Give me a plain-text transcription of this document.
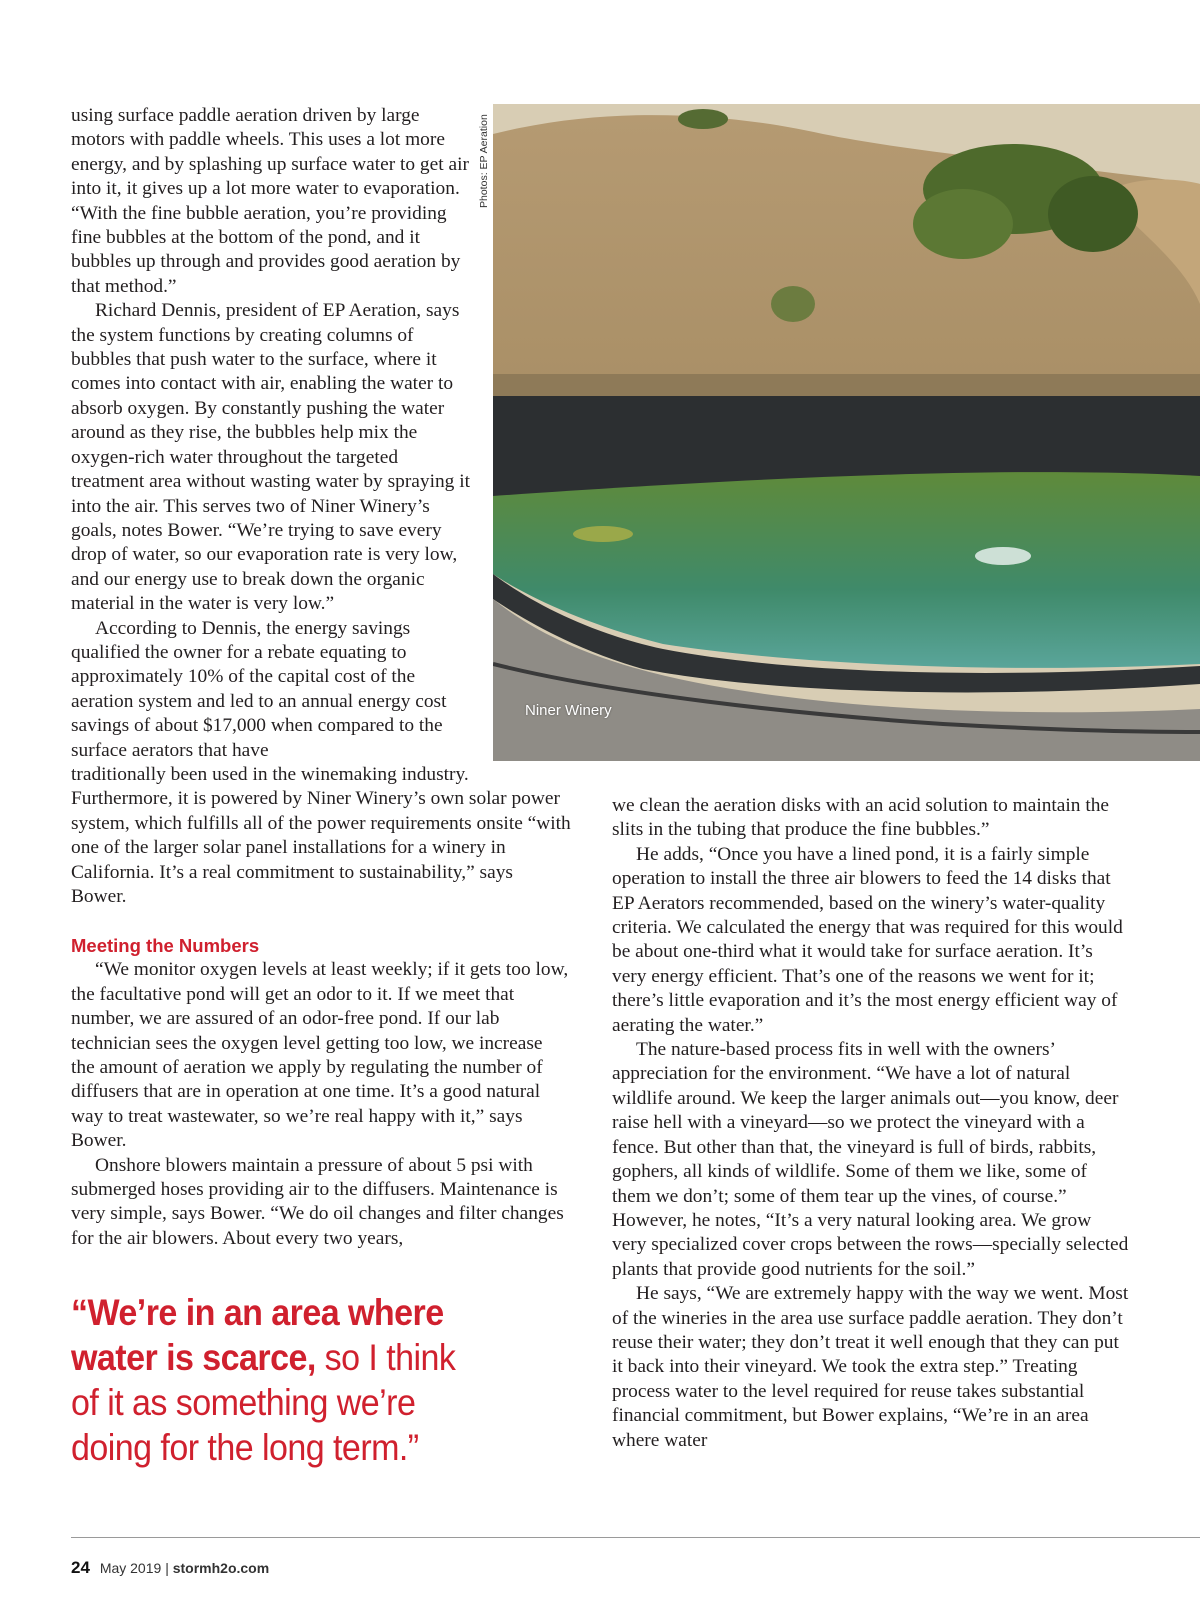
using surface paddle aeration driven by large motors with paddle wheels. This uses a lot more energy, and by splashing up surface water to get air into it, it gives up a lot more water to evaporation. “With the fine bubble aeration, you’re providing fine bubbles at the bottom of the pond, and it bubbles up through and provides good aeration by that method.”

Richard Dennis, president of EP Aeration, says the system functions by creating columns of bubbles that push water to the surface, where it comes into contact with air, enabling the water to absorb oxygen. By constantly pushing the water around as they rise, the bubbles help mix the oxygen-rich water throughout the targeted treatment area without wasting water by spraying it into the air. This serves two of Niner Winery’s goals, notes Bower. “We’re trying to save every drop of water, so our evaporation rate is very low, and our energy use to break down the organic material in the water is very low.”

According to Dennis, the energy savings qualified the owner for a rebate equating to approximately 10% of the capital cost of the aeration system and led to an annual energy cost savings of about $17,000 when compared to the surface aerators that have
traditionally been used in the winemaking industry. Furthermore, it is powered by Niner Winery’s own solar power system, which fulfills all of the power requirements onsite “with one of the larger solar panel installations for a winery in California. It’s a real commitment to sustainability,” says Bower.

Meeting the Numbers

“We monitor oxygen levels at least weekly; if it gets too low, the facultative pond will get an odor to it. If we meet that number, we are assured of an odor-free pond. If our lab technician sees the oxygen level getting too low, we increase the amount of aeration we apply by regulating the number of diffusers that are in operation at one time. It’s a good natural way to treat wastewater, so we’re real happy with it,” says Bower.

Onshore blowers maintain a pressure of about 5 psi with submerged hoses providing air to the diffusers. Maintenance is very simple, says Bower. “We do oil changes and filter changes for the air blowers. About every two years,

“We’re in an area where water is scarce, so I think of it as something we’re doing for the long term.”
Photos: EP Aeration
Niner Winery

we clean the aeration disks with an acid solution to maintain the slits in the tubing that produce the fine bubbles.”

He adds, “Once you have a lined pond, it is a fairly simple operation to install the three air blowers to feed the 14 disks that EP Aerators recommended, based on the winery’s water-quality criteria. We calculated the energy that was required for this would be about one-third what it would take for surface aeration. It’s very energy efficient. That’s one of the reasons we went for it; there’s little evaporation and it’s the most energy efficient way of aerating the water.”

The nature-based process fits in well with the owners’ appreciation for the environment. “We have a lot of natural wildlife around. We keep the larger animals out—you know, deer raise hell with a vineyard—so we protect the vineyard with a fence. But other than that, the vineyard is full of birds, rabbits, gophers, all kinds of wildlife. Some of them we like, some of them we don’t; some of them tear up the vines, of course.” However, he notes, “It’s a very natural looking area. We grow very specialized cover crops between the rows—specially selected plants that provide good nutrients for the soil.”

He says, “We are extremely happy with the way we went. Most of the wineries in the area use surface paddle aeration. They don’t reuse their water; they don’t treat it well enough that they can put it back into their vineyard. We took the extra step.” Treating process water to the level required for reuse takes substantial financial commitment, but Bower explains, “We’re in an area where water

24 May 2019 | stormh2o.com
